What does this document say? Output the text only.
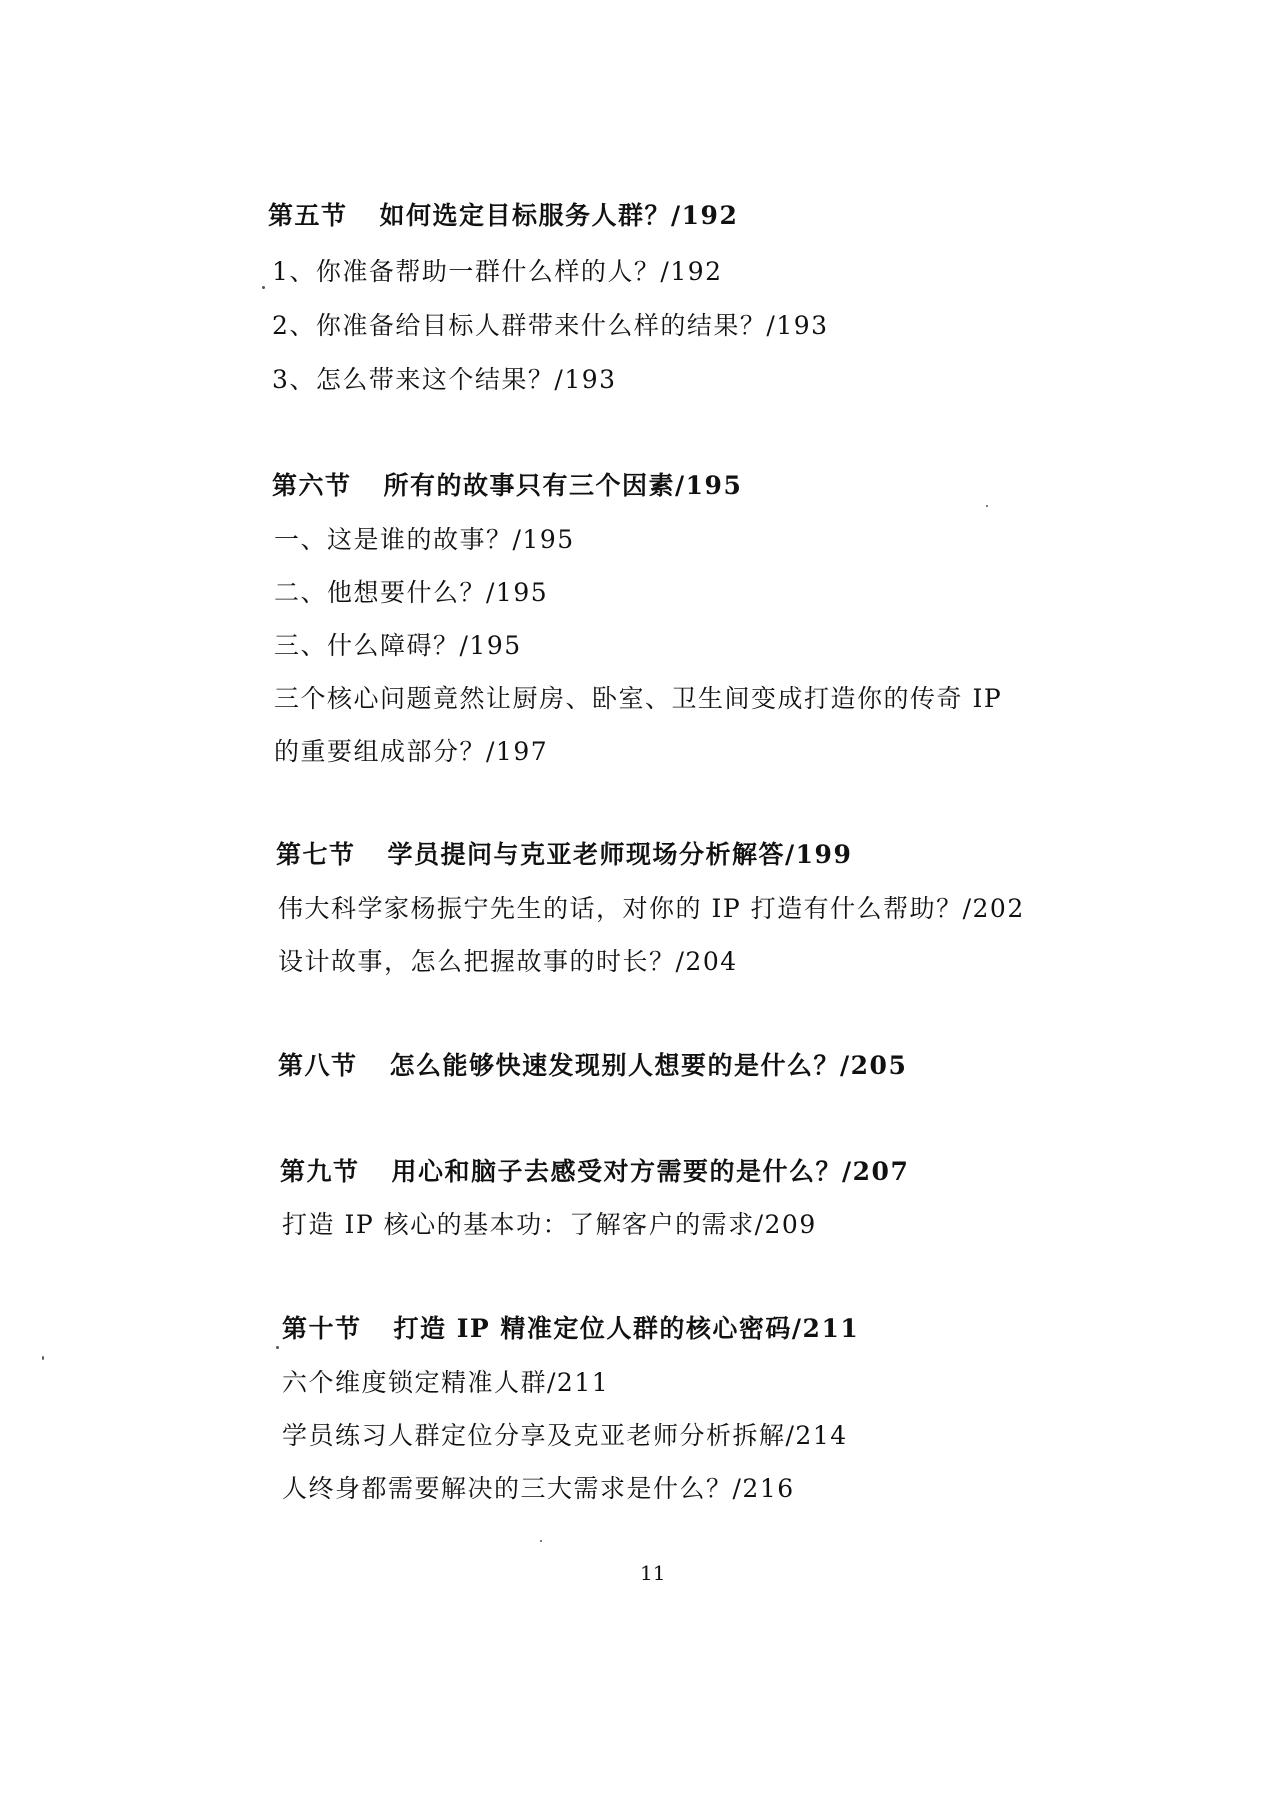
第五节 如何选定目标服务人群？/192
1、你准备帮助一群什么样的人？/192
2、你准备给目标人群带来什么样的结果？/193
3、怎么带来这个结果？/193
第六节 所有的故事只有三个因素/195
一、这是谁的故事？/195
二、他想要什么？/195
三、什么障碍？/195
三个核心问题竟然让厨房、卧室、卫生间变成打造你的传奇 IP
的重要组成部分？/197
第七节 学员提问与克亚老师现场分析解答/199
伟大科学家杨振宁先生的话，对你的 IP 打造有什么帮助？/202
设计故事，怎么把握故事的时长？/204
第八节 怎么能够快速发现别人想要的是什么？/205
第九节 用心和脑子去感受对方需要的是什么？/207
打造 IP 核心的基本功：了解客户的需求/209
第十节 打造 IP 精准定位人群的核心密码/211
六个维度锁定精准人群/211
学员练习人群定位分享及克亚老师分析拆解/214
人终身都需要解决的三大需求是什么？/216
11
